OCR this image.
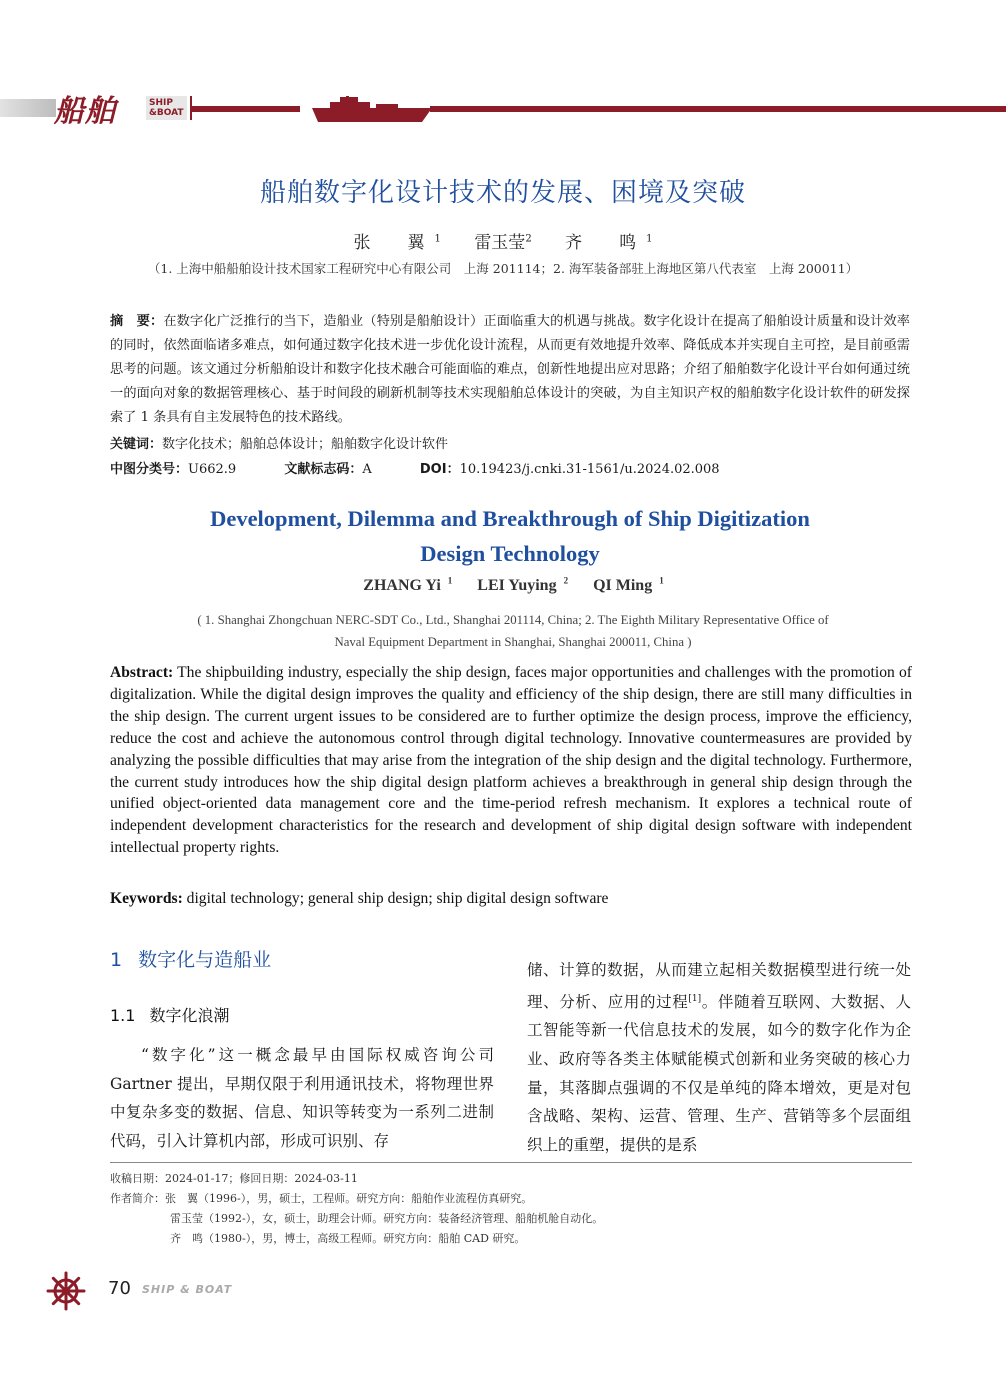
船舶	SHIP
&BOAT
船舶数字化设计技术的发展、困境及突破
张　翼$^1$ 雷玉莹$^2$ 齐　鸣$^1$
（1. 上海中船船舶设计技术国家工程研究中心有限公司　上海 201114；2. 海军装备部驻上海地区第八代表室　上海 200011）
摘　要：在数字化广泛推行的当下，造船业（特别是船舶设计）正面临重大的机遇与挑战。数字化设计在提高了船舶设计质量和设计效率的同时，依然面临诸多难点，如何通过数字化技术进一步优化设计流程，从而更有效地提升效率、降低成本并实现自主可控，是目前亟需思考的问题。该文通过分析船舶设计和数字化技术融合可能面临的难点，创新性地提出应对思路；介绍了船舶数字化设计平台如何通过统一的面向对象的数据管理核心、基于时间段的刷新机制等技术实现船舶总体设计的突破，为自主知识产权的船舶数字化设计软件的研发探索了 1 条具有自主发展特色的技术路线。
关键词：数字化技术；船舶总体设计；船舶数字化设计软件
中图分类号：U662.9	文献标志码：A	DOI：10.19423/j.cnki.31-1561/u.2024.02.008
Development, Dilemma and Breakthrough of Ship Digitization
Design Technology
ZHANG Yi $^1$ LEI Yuying $^2$ QI Ming $^1$
( 1. Shanghai Zhongchuan NERC-SDT Co., Ltd., Shanghai 201114, China; 2. The Eighth Military Representative Office of
Naval Equipment Department in Shanghai, Shanghai 200011, China )
Abstract: The shipbuilding industry, especially the ship design, faces major opportunities and challenges with the promotion of digitalization. While the digital design improves the quality and efficiency of the ship design, there are still many difficulties in the ship design. The current urgent issues to be considered are to further optimize the design process, improve the efficiency, reduce the cost and achieve the autonomous control through digital technology. Innovative countermeasures are provided by analyzing the possible difficulties that may arise from the integration of the ship design and the digital technology. Furthermore, the current study introduces how the ship digital design platform achieves a breakthrough in general ship design through the unified object-oriented data management core and the time-period refresh mechanism. It explores a technical route of independent development characteristics for the research and development of ship digital design software with independent intellectual property rights.
Keywords: digital technology; general ship design; ship digital design software
1 数字化与造船业
1.1 数字化浪潮

“数字化”这一概念最早由国际权威咨询公司 Gartner 提出，早期仅限于利用通讯技术，将物理世界中复杂多变的数据、信息、知识等转变为一系列二进制代码，引入计算机内部，形成可识别、存

储、计算的数据，从而建立起相关数据模型进行统一处理、分析、应用的过程[1]。伴随着互联网、大数据、人工智能等新一代信息技术的发展，如今的数字化作为企业、政府等各类主体赋能模式创新和业务突破的核心力量，其落脚点强调的不仅是单纯的降本增效，更是对包含战略、架构、运营、管理、生产、营销等多个层面组织上的重塑，提供的是系

收稿日期：2024-01-17；修回日期：2024-03-11
作者简介：张　翼（1996-），男，硕士，工程师。研究方向：船舶作业流程仿真研究。
雷玉莹（1992-），女，硕士，助理会计师。研究方向：装备经济管理、船舶机舱自动化。
齐　鸣（1980-），男，博士，高级工程师。研究方向：船舶 CAD 研究。
70 SHIP & BOAT
